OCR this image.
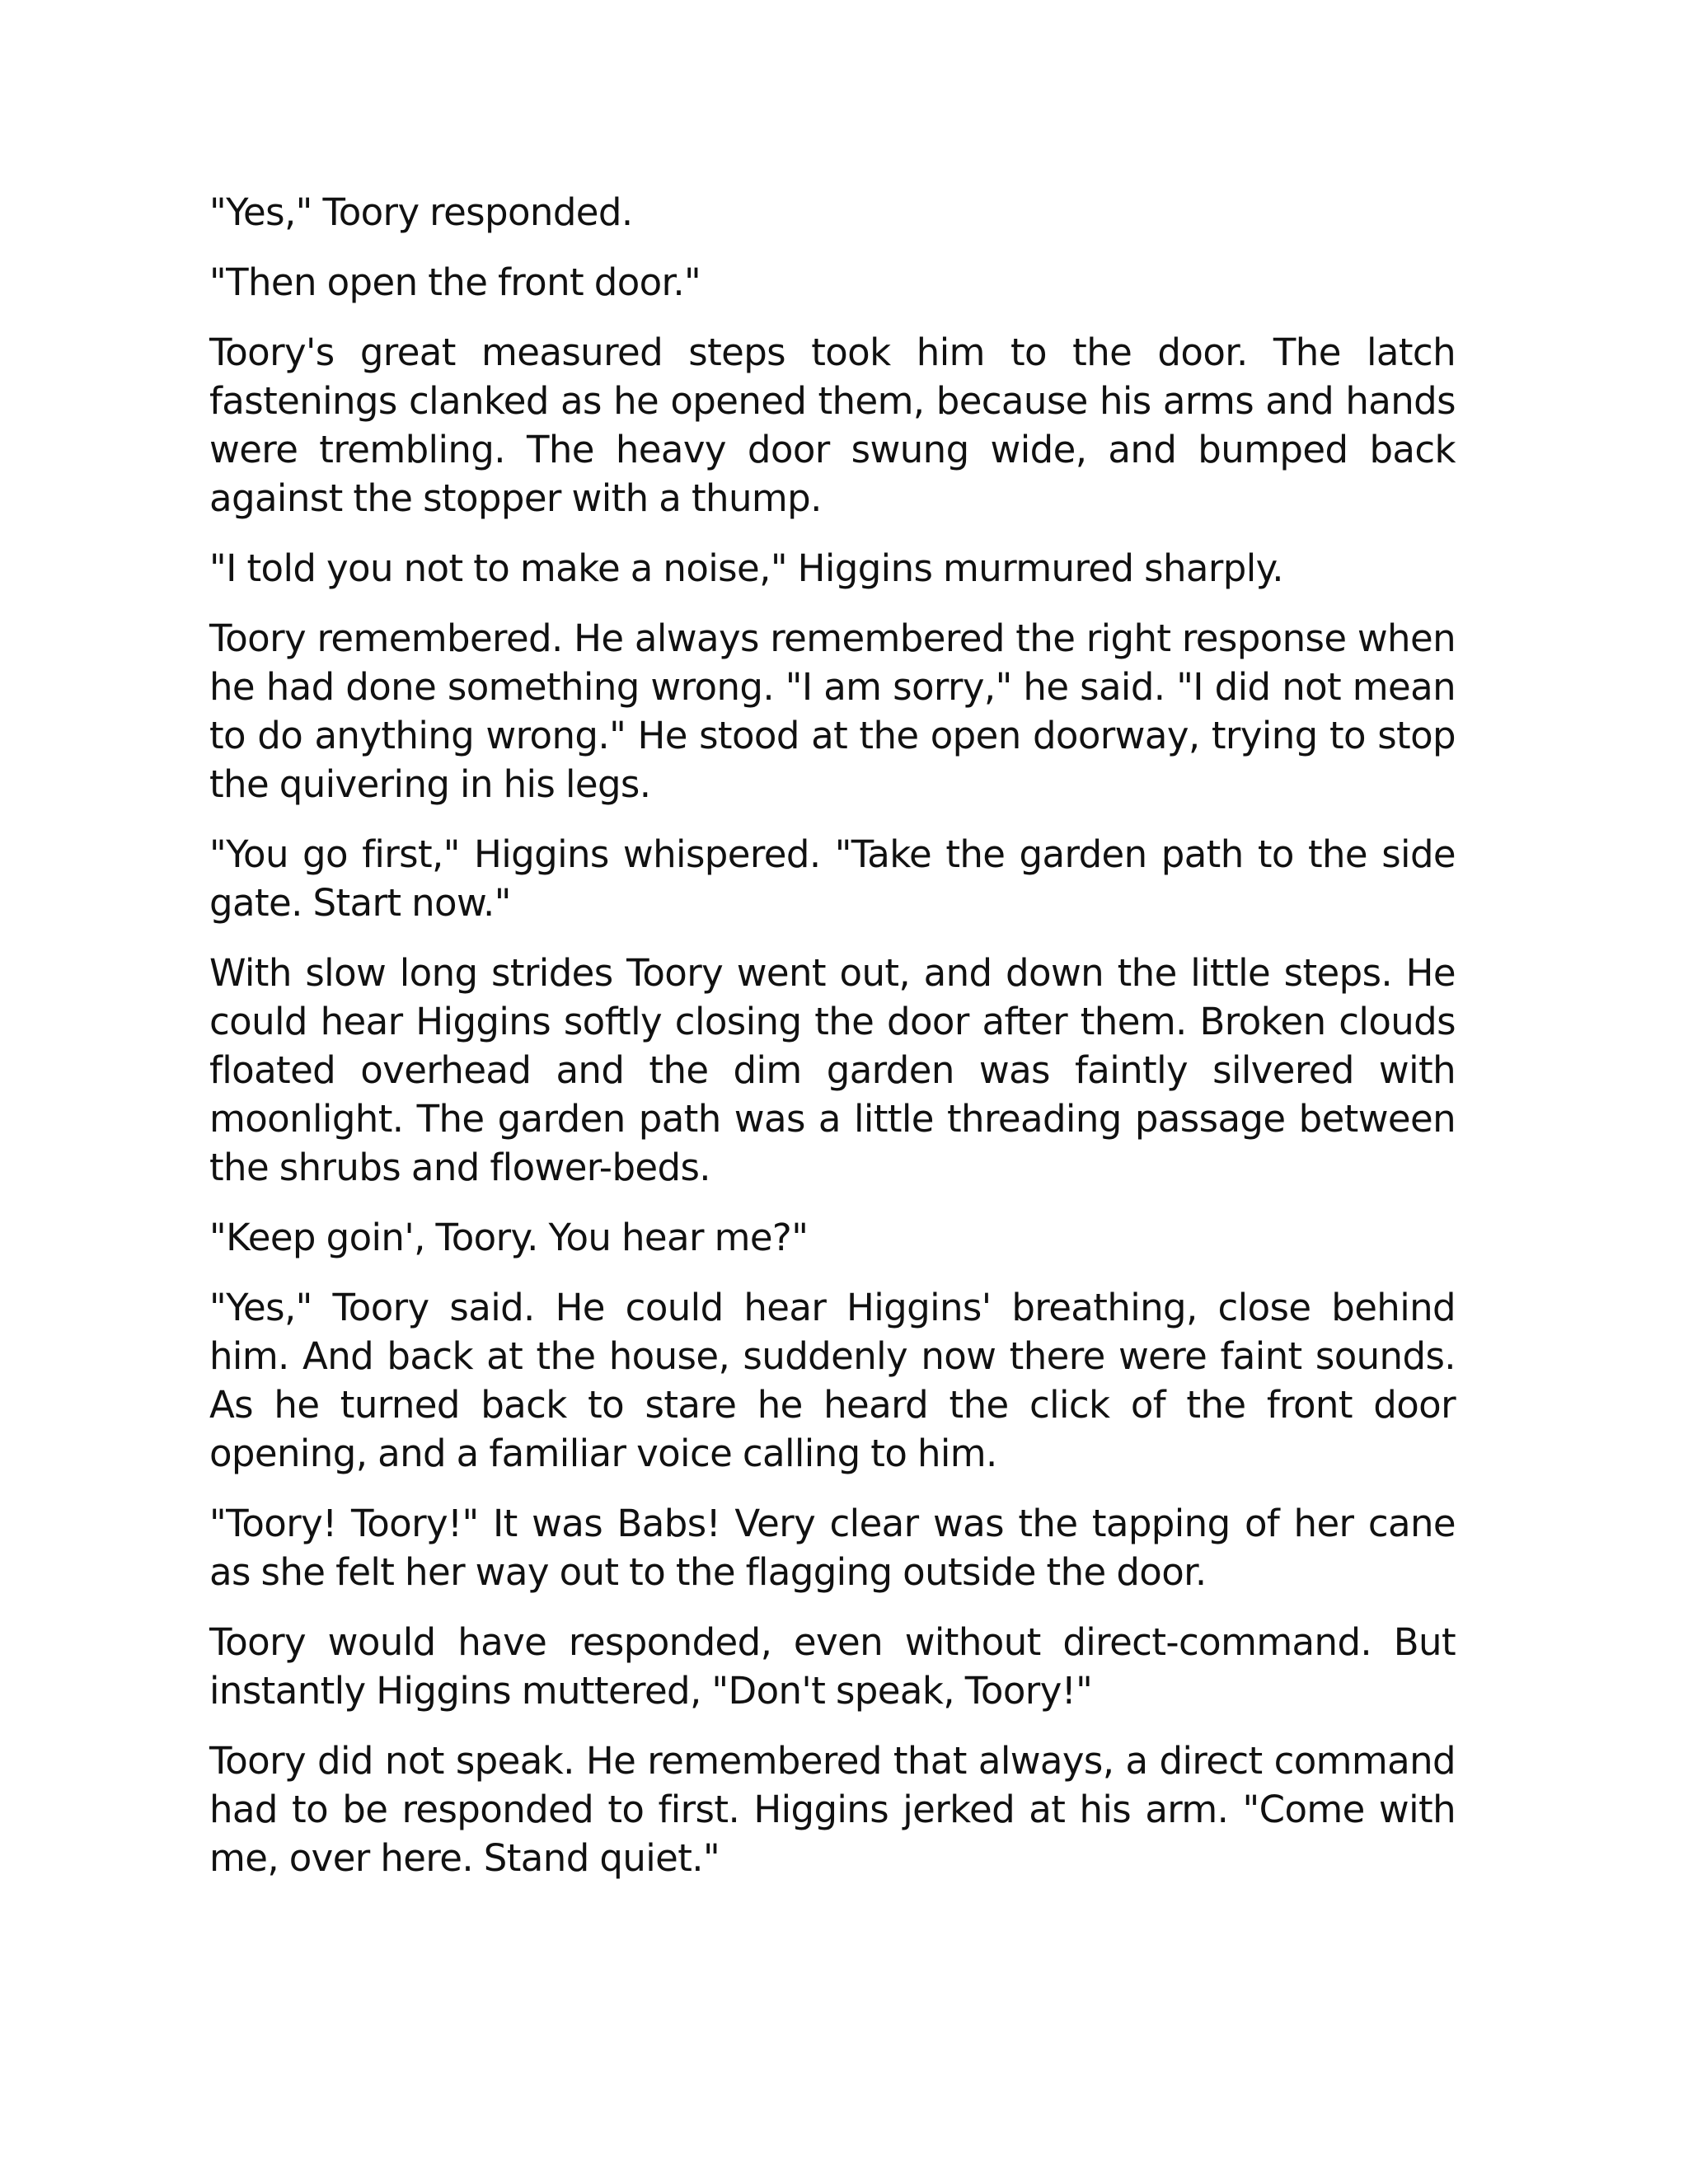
"Yes," Toory responded.

"Then open the front door."

Toory's great measured steps took him to the door. The latch fastenings clanked as he opened them, because his arms and hands were trembling. The heavy door swung wide, and bumped back against the stopper with a thump.

"I told you not to make a noise," Higgins murmured sharply.

Toory remembered. He always remembered the right response when he had done something wrong. "I am sorry," he said. "I did not mean to do anything wrong." He stood at the open doorway, trying to stop the quivering in his legs.

"You go first," Higgins whispered. "Take the garden path to the side gate. Start now."

With slow long strides Toory went out, and down the little steps. He could hear Higgins softly closing the door after them. Broken clouds floated overhead and the dim garden was faintly silvered with moonlight. The garden path was a little threading passage between the shrubs and flower-beds.

"Keep goin', Toory. You hear me?"

"Yes," Toory said. He could hear Higgins' breathing, close behind him. And back at the house, suddenly now there were faint sounds. As he turned back to stare he heard the click of the front door opening, and a familiar voice calling to him.

"Toory! Toory!" It was Babs! Very clear was the tapping of her cane as she felt her way out to the flagging outside the door.

Toory would have responded, even without direct-command. But instantly Higgins muttered, "Don't speak, Toory!"

Toory did not speak. He remembered that always, a direct command had to be responded to first. Higgins jerked at his arm. "Come with me, over here. Stand quiet."
